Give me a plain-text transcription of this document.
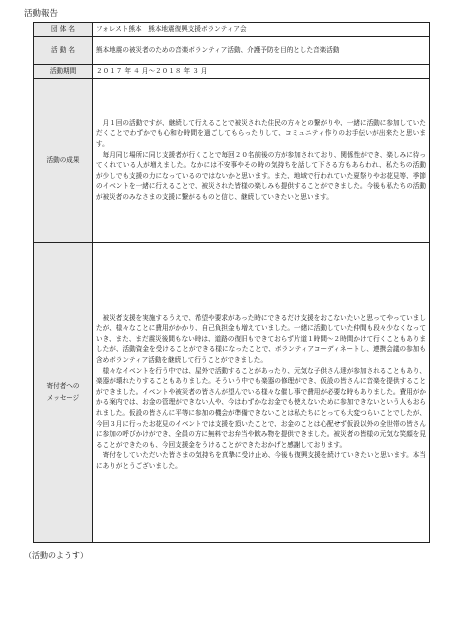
活動報告
団 体 名	フォレスト熊本　熊本地震復興支援ボランティア会
活 動 名	熊本地震の被災者のための音楽ボランティア活動、介護予防を目的とした音楽活動
活動期間	２０１７ 年 ４ 月～２０１８ 年 ３ 月
活動の成果	　月１回の活動ですが、継続して行えることで被災された住民の方々との繋がりや、一緒に活動に参加していただくことでわずかでも心和む時間を過ごしてもらったりして、コミュニティ作りのお手伝いが出来たと思います。
　毎月同じ場所に同じ支援者が行くことで毎回２０名前後の方が参加されており、関係性ができ、楽しみに待ってくれている人が増えました。なかには不安事やその時の気持ちを話して下さる方もあらわれ、私たちの活動が少しでも支援の力になっているのではないかと思います。また、地域で行われていた夏祭りやお花見等、季節のイベントを一緒に行えることで、被災された皆様の楽しみも提供することができました。今後も私たちの活動が被災者のみなさまの支援に繋がるものと信じ、継続していきたいと思います。

寄付者への
メッセージ	　被災者支援を実施するうえで、希望や要求があった時にできるだけ支援をおこないたいと思ってやっていましたが、様々なことに費用がかかり、自己負担金も増えていました。一緒に活動していた仲間も段々少なくなっていき、また、まだ震災後間もない時は、道路の復旧もできておらず片道１時間～２時間かけて行くこともありましたが、活動資金を受けることができる様になったことで、ボランティアコーディネートし、連携会議の参加も含めボランティア活動を継続して行うことができました。
　様々なイベントを行う中では、屋外で活動することがあったり、元気な子供さん達が参加されることもあり、楽器が壊れたりすることもありました。そういう中でも楽器の修理ができ、仮設の皆さんに音楽を提供することができました。イベントや被災者の皆さんが望んでいる様々な催し事で費用が必要な時もありました。費用がかかる案内では、お金の管理ができない人や、今はわずかなお金でも使えないために参加できないという人もおられました。仮設の皆さんに平等に参加の機会が準備できないことは私たちにとっても大変つらいことでしたが、今回３月に行ったお花見のイベントでは支援を頂いたことで、お金のことは心配せず仮設以外の全世帯の皆さんに参加の呼びかけができ、全員の方に無料でお弁当や飲み物を提供できました。被災者の皆様の元気な笑顔を見ることができたのも、今回支援金をうけることができたおかげと感謝しております。
　寄付をしていただいた皆さまの気持ちを真摯に受け止め、今後も復興支援を続けていきたいと思います。本当にありがとうございました。
（活動のようす）
